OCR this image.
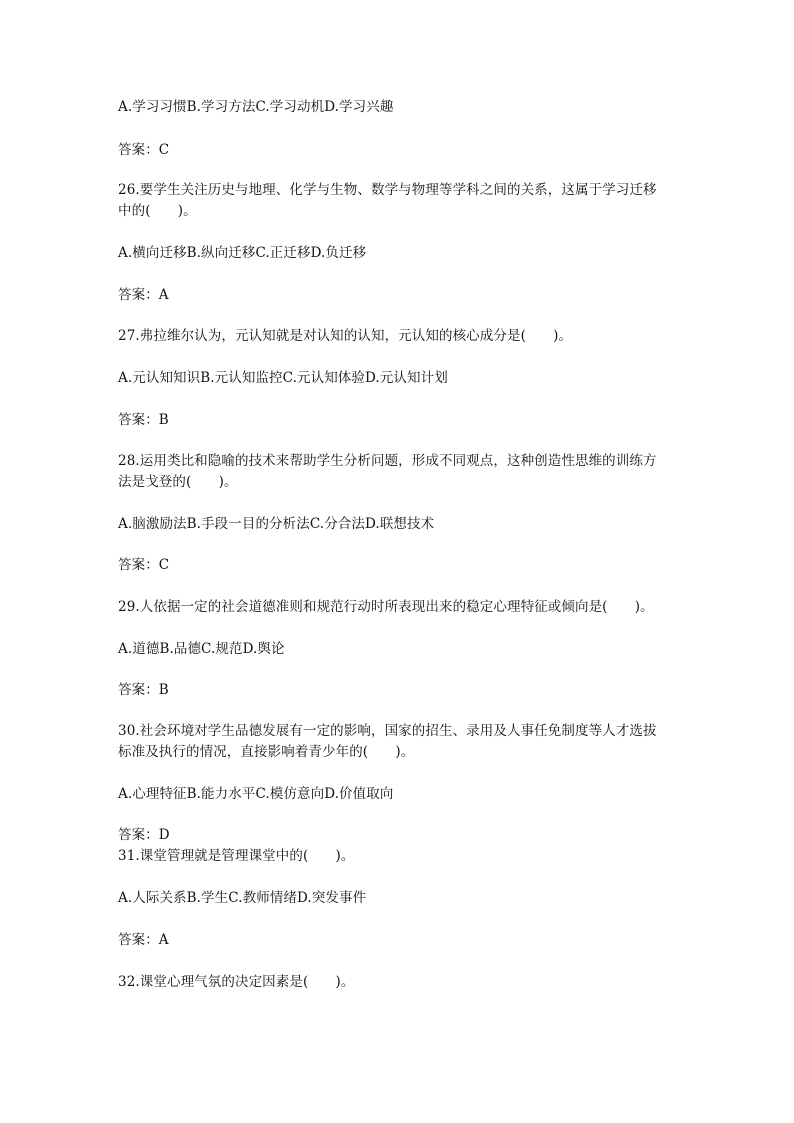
A.学习习惯B.学习方法C.学习动机D.学习兴趣
答案：C
26.要学生关注历史与地理、化学与生物、数学与物理等学科之间的关系，这属于学习迁移
中的(　　)。
A.横向迁移B.纵向迁移C.正迁移D.负迁移
答案：A
27.弗拉维尔认为，元认知就是对认知的认知，元认知的核心成分是(　　)。
A.元认知知识B.元认知监控C.元认知体验D.元认知计划
答案：B
28.运用类比和隐喻的技术来帮助学生分析问题，形成不同观点，这种创造性思维的训练方
法是戈登的(　　)。
A.脑激励法B.手段一目的分析法C.分合法D.联想技术
答案：C
29.人依据一定的社会道德准则和规范行动时所表现出来的稳定心理特征或倾向是(　　)。
A.道德B.品德C.规范D.舆论
答案：B
30.社会环境对学生品德发展有一定的影响，国家的招生、录用及人事任免制度等人才选拔
标准及执行的情况，直接影响着青少年的(　　)。
A.心理特征B.能力水平C.模仿意向D.价值取向
答案：D
31.课堂管理就是管理课堂中的(　　)。
A.人际关系B.学生C.教师情绪D.突发事件
答案：A
32.课堂心理气氛的决定因素是(　　)。
